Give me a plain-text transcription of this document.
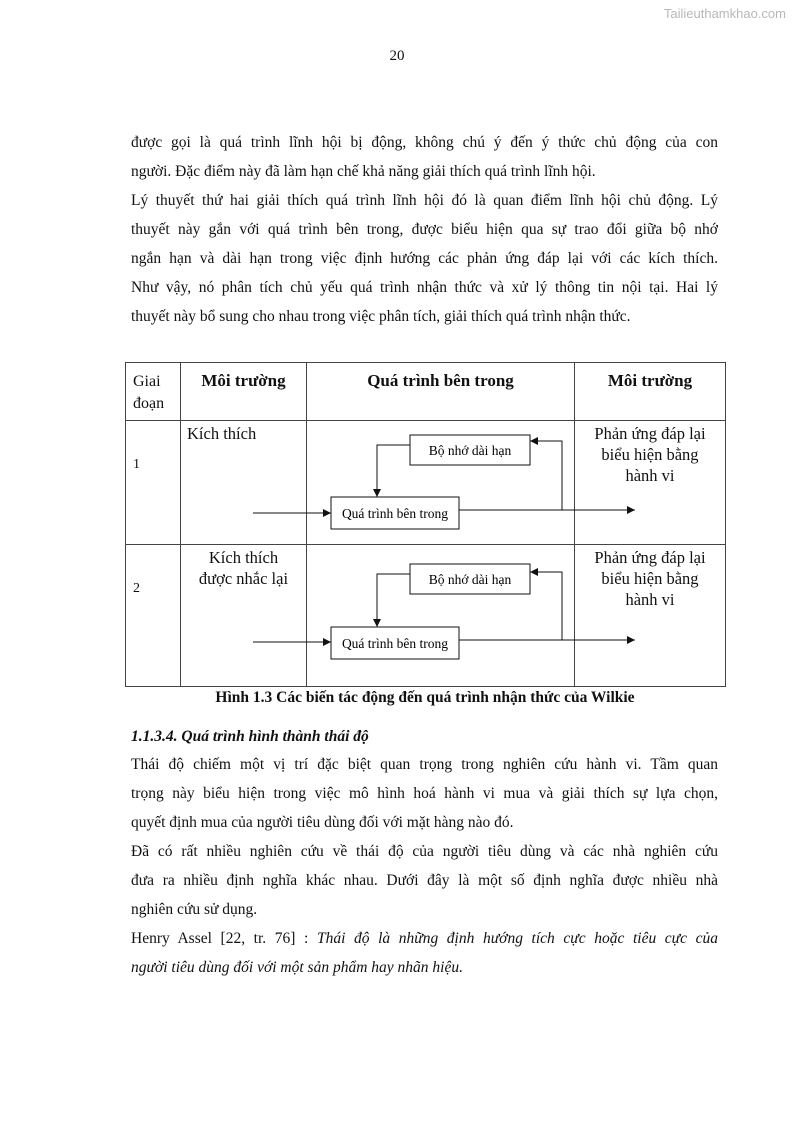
Tailieuthamkhao.com
20

được gọi là quá trình lĩnh hội bị động, không chú ý đến ý thức chủ động của con
người. Đặc điểm này đã làm hạn chế khả năng giải thích quá trình lĩnh hội.

Lý thuyết thứ hai giải thích quá trình lĩnh hội đó là quan điểm lĩnh hội chủ động. Lý
thuyết này gắn với quá trình bên trong, được biểu hiện qua sự trao đổi giữa bộ nhớ
ngắn hạn và dài hạn trong việc định hướng các phản ứng đáp lại với các kích thích.
Như vậy, nó phân tích chủ yếu quá trình nhận thức và xử lý thông tin nội tại. Hai lý
thuyết này bổ sung cho nhau trong việc phân tích, giải thích quá trình nhận thức.

Giai
đoạn	Môi trường	Quá trình bên trong	Môi trường

1	Kích thích	Bộ nhớ dài hạn
Quá trình bên trong	Phản ứng đáp lại
biểu hiện bằng
hành vi

2	Kích thích
được nhắc lại	Bộ nhớ dài hạn
Quá trình bên trong	Phản ứng đáp lại
biểu hiện bằng
hành vi
Hình 1.3 Các biến tác động đến quá trình nhận thức của Wilkie
1.1.3.4. Quá trình hình thành thái độ

Thái độ chiếm một vị trí đặc biệt quan trọng trong nghiên cứu hành vi. Tầm quan
trọng này biểu hiện trong việc mô hình hoá hành vi mua và giải thích sự lựa chọn,
quyết định mua của người tiêu dùng đối với mặt hàng nào đó.

Đã có rất nhiều nghiên cứu về thái độ của người tiêu dùng và các nhà nghiên cứu
đưa ra nhiều định nghĩa khác nhau. Dưới đây là một số định nghĩa được nhiều nhà
nghiên cứu sử dụng.

Henry Assel [22, tr. 76] : Thái độ là những định hướng tích cực hoặc tiêu cực của
người tiêu dùng đối với một sản phẩm hay nhãn hiệu.
